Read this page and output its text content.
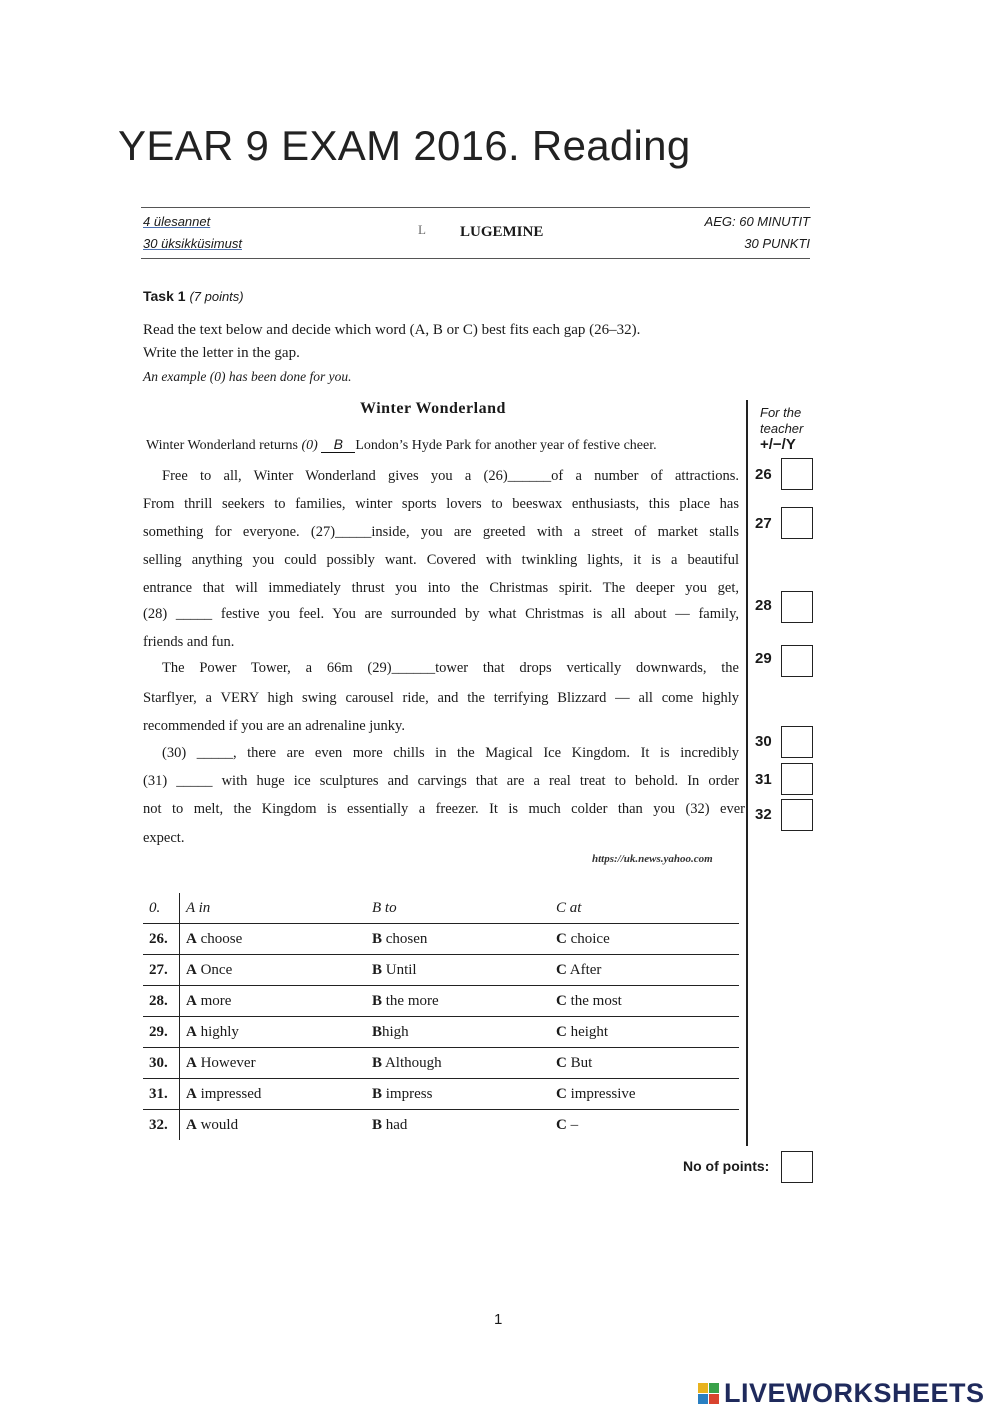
YEAR 9 EXAM 2016. Reading
4 ülesannet
30 üksikküsimust
L LUGEMINE
AEG: 60 MINUTIT
30 PUNKTI
Task 1 (7 points)
Read the text below and decide which word (A, B or C) best fits each gap (26–32).
Write the letter in the gap.
An example (0) has been done for you.
Winter Wonderland	For the
teacher
+/−/Y
Winter Wonderland returns (0) B London’s Hyde Park for another year of festive cheer.
Free to all, Winter Wonderland gives you a (26)______of a number of attractions.
From thrill seekers to families, winter sports lovers to beeswax enthusiasts, this place has
something for everyone. (27)_____inside, you are greeted with a street of market stalls
selling anything you could possibly want. Covered with twinkling lights, it is a beautiful
entrance that will immediately thrust you into the Christmas spirit. The deeper you get,
(28) _____ festive you feel. You are surrounded by what Christmas is all about — family,
friends and fun.
The Power Tower, a 66m (29)______tower that drops vertically downwards, the
Starflyer, a VERY high swing carousel ride, and the terrifying Blizzard — all come highly
recommended if you are an adrenaline junky.
(30) _____, there are even more chills in the Magical Ice Kingdom. It is incredibly
(31) _____ with huge ice sculptures and carvings that are a real treat to behold. In order
not to melt, the Kingdom is essentially a freezer. It is much colder than you (32) ever
expect.
https://uk.news.yahoo.com
26
27
28
29
30
31
32
0.	A in	B to	C at
26.	A choose	B chosen	C choice
27.	A Once	B Until	C After
28.	A more	B the more	C the most
29.	A highly	Bhigh	C height
30.	A However	B Although	C But
31.	A impressed	B impress	C impressive
32.	A would	B had	C –
No of points:
1
LIVEWORKSHEETS
